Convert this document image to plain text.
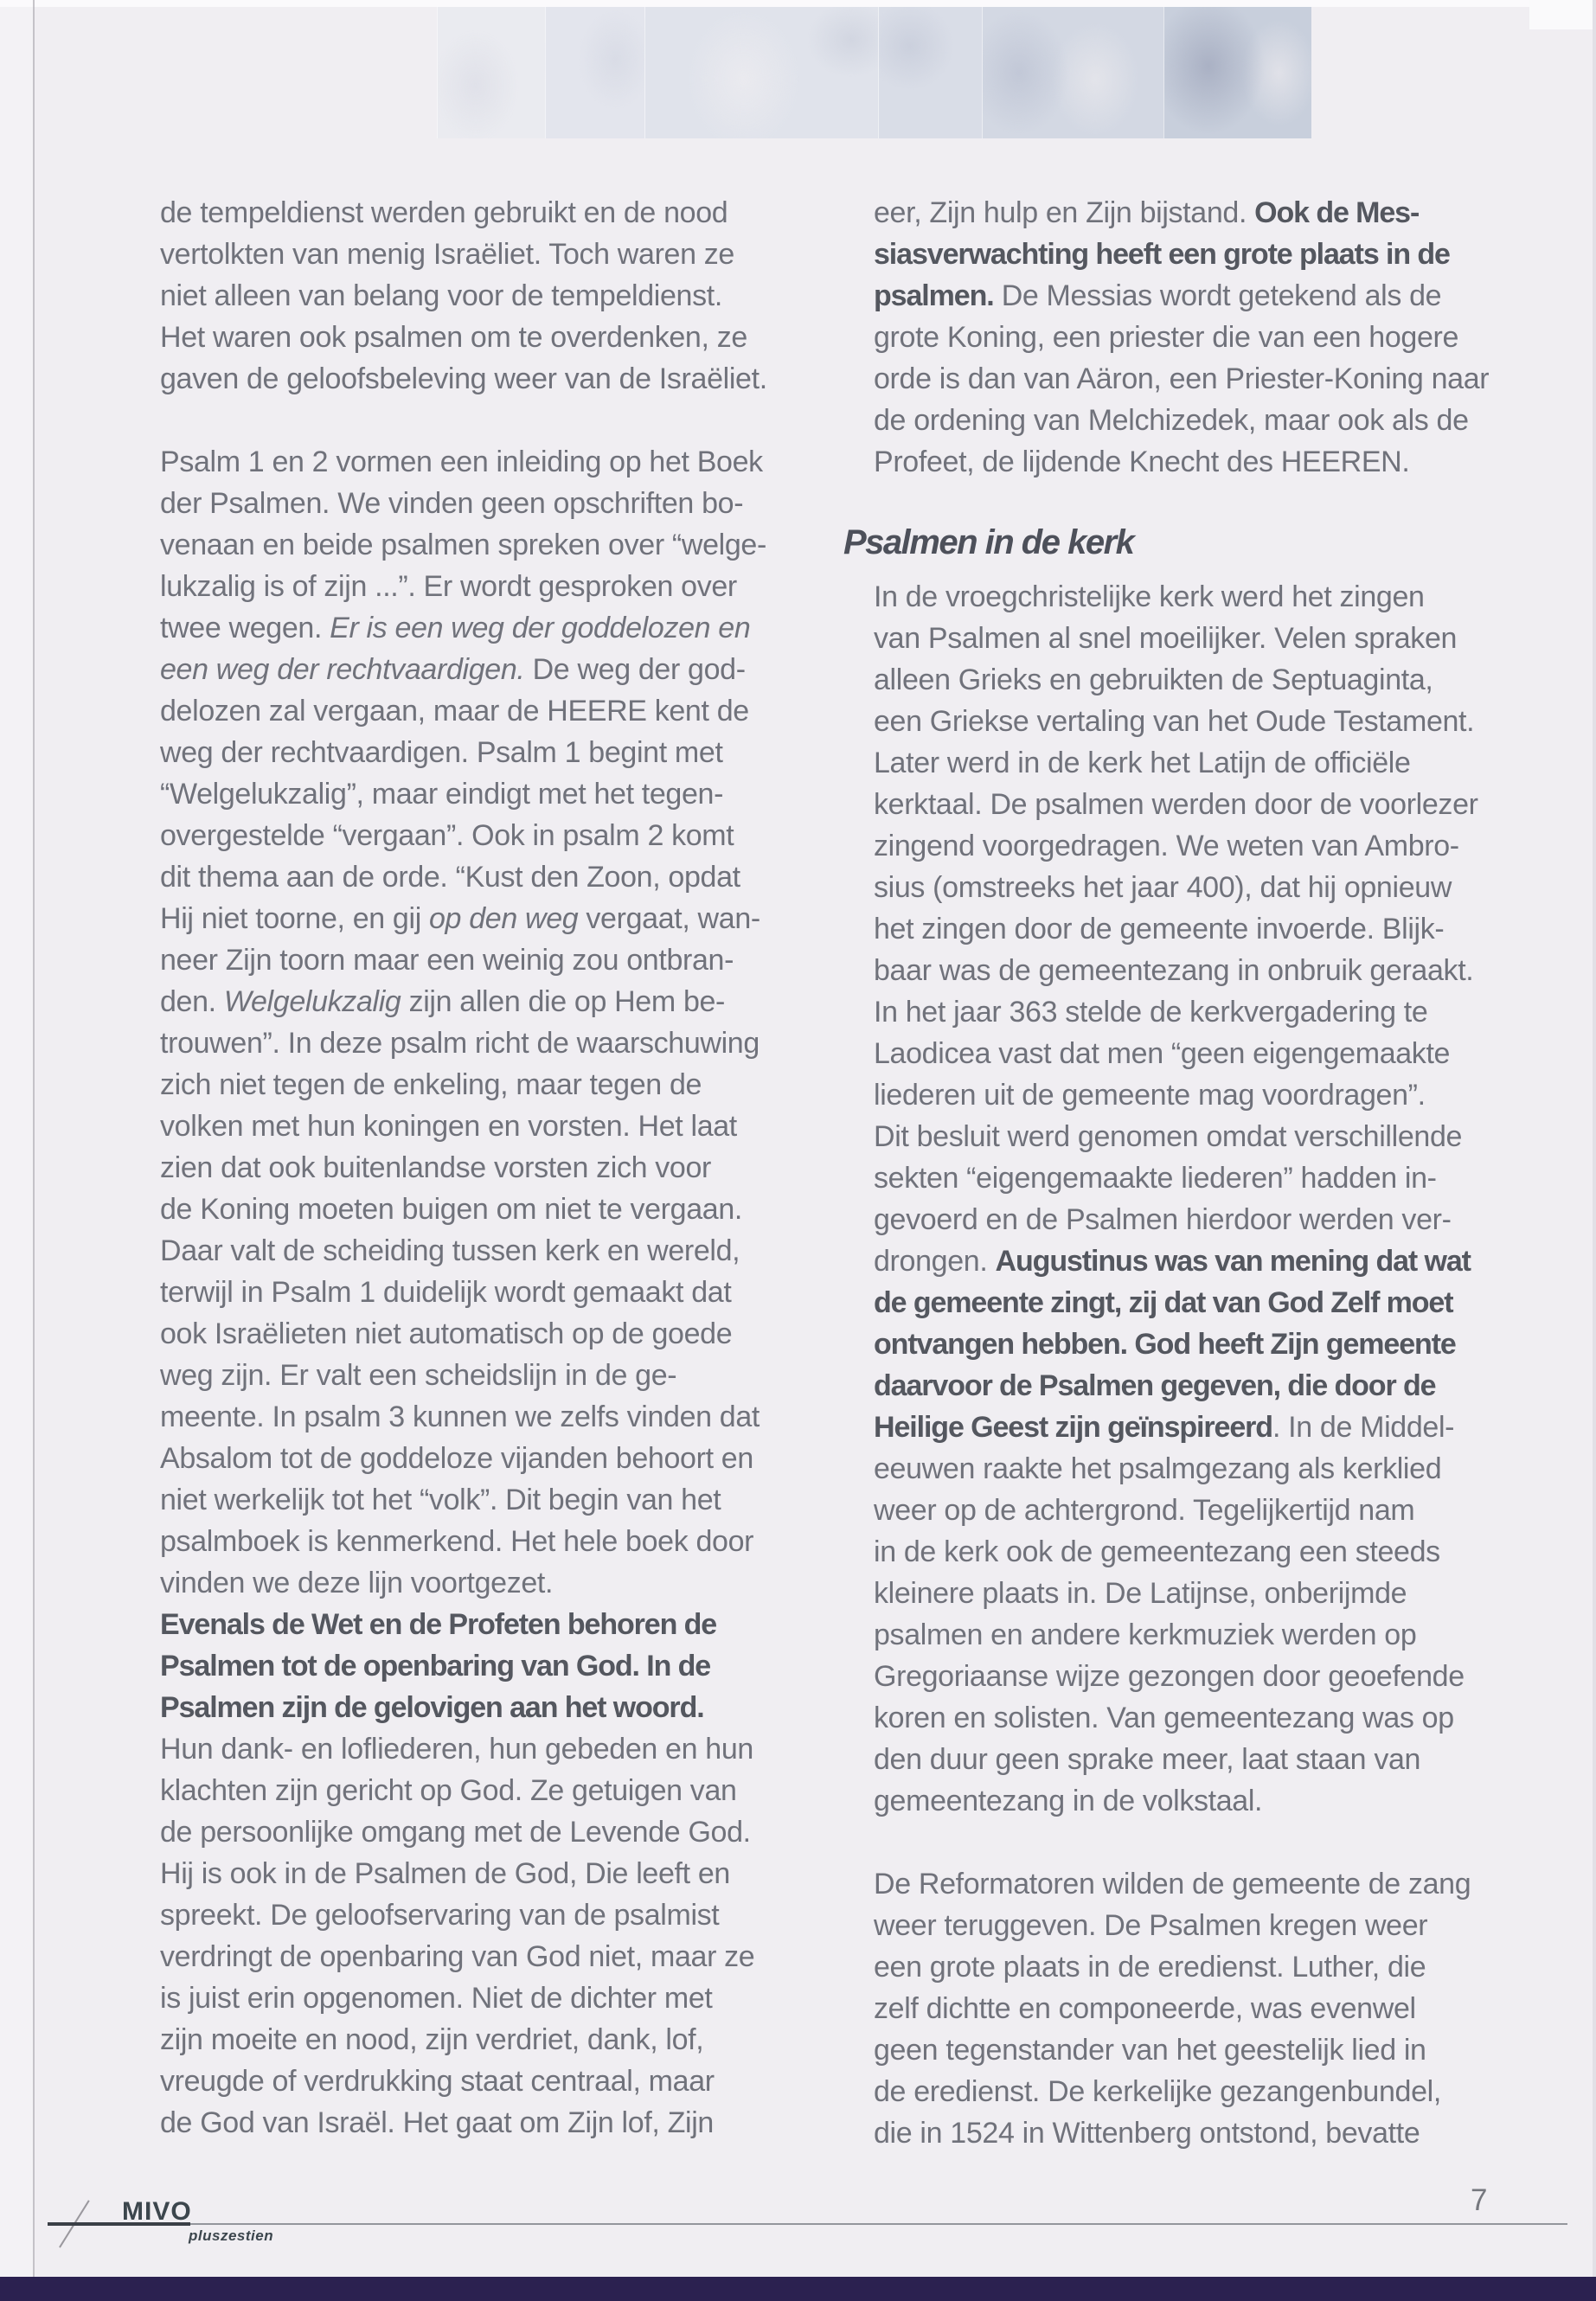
de tempeldienst werden gebruikt en de nood
vertolkten van menig Israëliet. Toch waren ze
niet alleen van belang voor de tempeldienst.
Het waren ook psalmen om te overdenken, ze
gaven de geloofsbeleving weer van de Israëliet.
Psalm 1 en 2 vormen een inleiding op het Boek
der Psalmen. We vinden geen opschriften bo-
venaan en beide psalmen spreken over “welge-
lukzalig is of zijn ...”. Er wordt gesproken over
twee wegen. Er is een weg der goddelozen en
een weg der rechtvaardigen. De weg der god-
delozen zal vergaan, maar de HEERE kent de
weg der rechtvaardigen. Psalm 1 begint met
“Welgelukzalig”, maar eindigt met het tegen-
overgestelde “vergaan”. Ook in psalm 2 komt
dit thema aan de orde. “Kust den Zoon, opdat
Hij niet toorne, en gij op den weg vergaat, wan-
neer Zijn toorn maar een weinig zou ontbran-
den. Welgelukzalig zijn allen die op Hem be-
trouwen”. In deze psalm richt de waarschuwing
zich niet tegen de enkeling, maar tegen de
volken met hun koningen en vorsten. Het laat
zien dat ook buitenlandse vorsten zich voor
de Koning moeten buigen om niet te vergaan.
Daar valt de scheiding tussen kerk en wereld,
terwijl in Psalm 1 duidelijk wordt gemaakt dat
ook Israëlieten niet automatisch op de goede
weg zijn. Er valt een scheidslijn in de ge-
meente. In psalm 3 kunnen we zelfs vinden dat
Absalom tot de goddeloze vijanden behoort en
niet werkelijk tot het “volk”. Dit begin van het
psalmboek is kenmerkend. Het hele boek door
vinden we deze lijn voortgezet.
Evenals de Wet en de Profeten behoren de
Psalmen tot de openbaring van God. In de
Psalmen zijn de gelovigen aan het woord.
Hun dank- en lofliederen, hun gebeden en hun
klachten zijn gericht op God. Ze getuigen van
de persoonlijke omgang met de Levende God.
Hij is ook in de Psalmen de God, Die leeft en
spreekt. De geloofservaring van de psalmist
verdringt de openbaring van God niet, maar ze
is juist erin opgenomen. Niet de dichter met
zijn moeite en nood, zijn verdriet, dank, lof,
vreugde of verdrukking staat centraal, maar
de God van Israël. Het gaat om Zijn lof, Zijn
eer, Zijn hulp en Zijn bijstand. Ook de Mes-
siasverwachting heeft een grote plaats in de
psalmen. De Messias wordt getekend als de
grote Koning, een priester die van een hogere
orde is dan van Aäron, een Priester-Koning naar
de ordening van Melchizedek, maar ook als de
Profeet, de lijdende Knecht des HEEREN.
Psalmen in de kerk
In de vroegchristelijke kerk werd het zingen
van Psalmen al snel moeilijker. Velen spraken
alleen Grieks en gebruikten de Septuaginta,
een Griekse vertaling van het Oude Testament.
Later werd in de kerk het Latijn de officiële
kerktaal. De psalmen werden door de voorlezer
zingend voorgedragen. We weten van Ambro-
sius (omstreeks het jaar 400), dat hij opnieuw
het zingen door de gemeente invoerde. Blijk-
baar was de gemeentezang in onbruik geraakt.
In het jaar 363 stelde de kerkvergadering te
Laodicea vast dat men “geen eigengemaakte
liederen uit de gemeente mag voordragen”.
Dit besluit werd genomen omdat verschillende
sekten “eigengemaakte liederen” hadden in-
gevoerd en de Psalmen hierdoor werden ver-
drongen. Augustinus was van mening dat wat
de gemeente zingt, zij dat van God Zelf moet
ontvangen hebben. God heeft Zijn gemeente
daarvoor de Psalmen gegeven, die door de
Heilige Geest zijn geïnspireerd. In de Middel-
eeuwen raakte het psalmgezang als kerklied
weer op de achtergrond. Tegelijkertijd nam
in de kerk ook de gemeentezang een steeds
kleinere plaats in. De Latijnse, onberijmde
psalmen en andere kerkmuziek werden op
Gregoriaanse wijze gezongen door geoefende
koren en solisten. Van gemeentezang was op
den duur geen sprake meer, laat staan van
gemeentezang in de volkstaal.
De Reformatoren wilden de gemeente de zang
weer teruggeven. De Psalmen kregen weer
een grote plaats in de eredienst. Luther, die
zelf dichtte en componeerde, was evenwel
geen tegenstander van het geestelijk lied in
de eredienst. De kerkelijke gezangenbundel,
die in 1524 in Wittenberg ontstond, bevatte
MIVO
pluszestien
7
